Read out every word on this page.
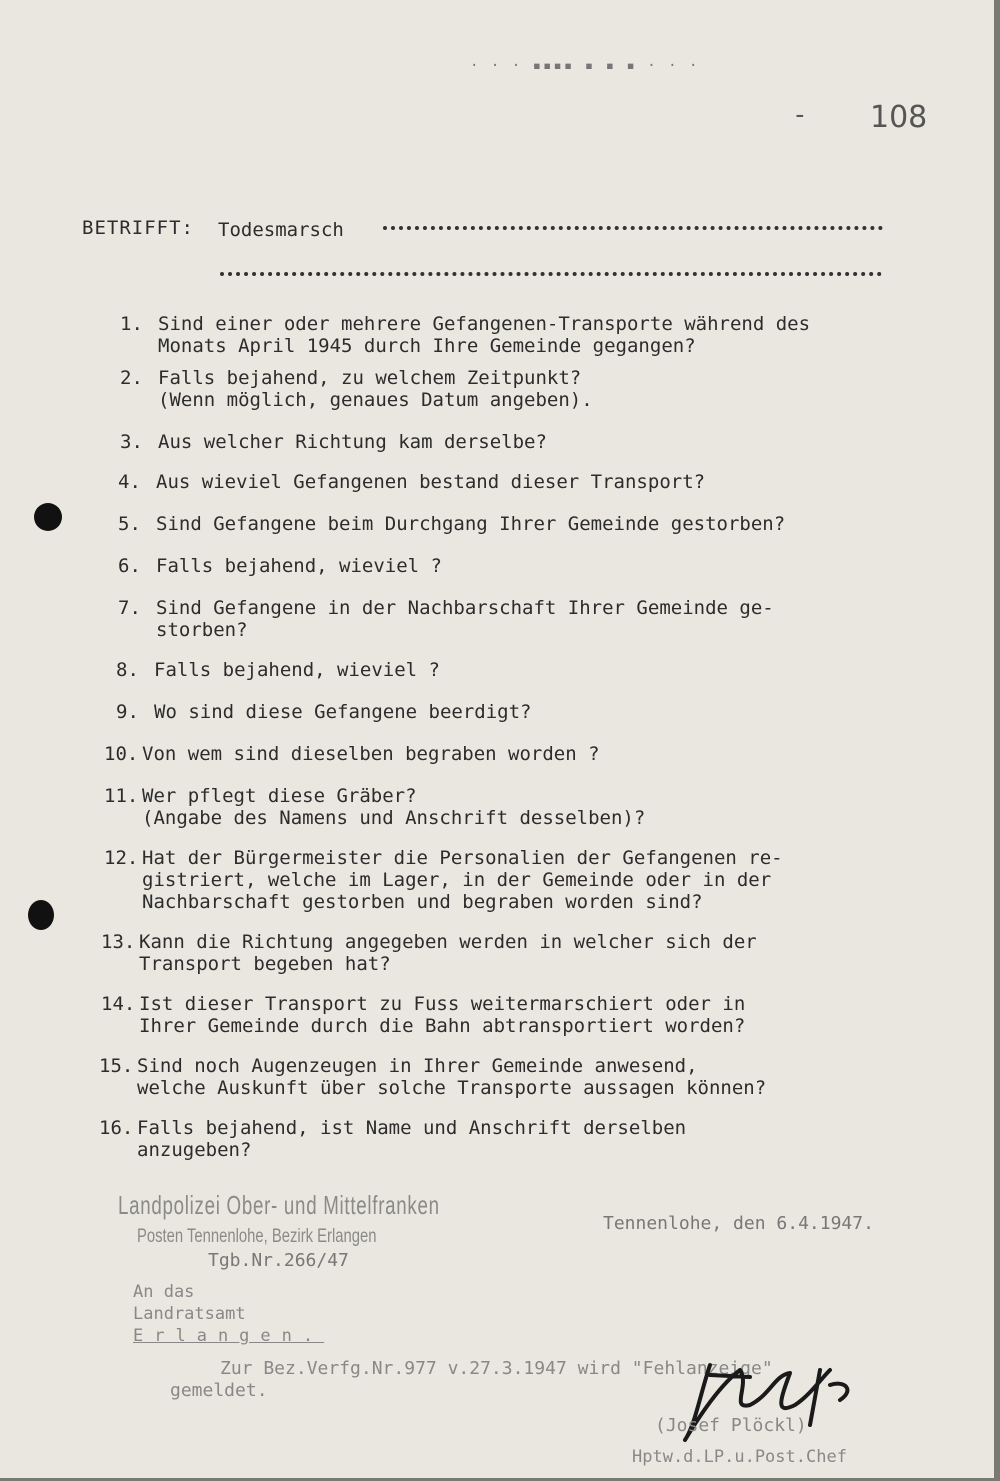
· · · ▪▪▪▪ ▪ ▪ ▪ · · ·
- 108
BETRIFFT: Todesmarsch
1. Sind einer oder mehrere Gefangenen-Transporte während des
Monats April 1945 durch Ihre Gemeinde gegangen?
2. Falls bejahend, zu welchem Zeitpunkt?
(Wenn möglich, genaues Datum angeben).
3. Aus welcher Richtung kam derselbe?
4. Aus wieviel Gefangenen bestand dieser Transport?
5. Sind Gefangene beim Durchgang Ihrer Gemeinde gestorben?
6. Falls bejahend, wieviel ?
7. Sind Gefangene in der Nachbarschaft Ihrer Gemeinde ge-
storben?
8. Falls bejahend, wieviel ?
9. Wo sind diese Gefangene beerdigt?
10. Von wem sind dieselben begraben worden ?
11. Wer pflegt diese Gräber?
(Angabe des Namens und Anschrift desselben)?
12. Hat der Bürgermeister die Personalien der Gefangenen re-
gistriert, welche im Lager, in der Gemeinde oder in der
Nachbarschaft gestorben und begraben worden sind?
13. Kann die Richtung angegeben werden in welcher sich der
Transport begeben hat?
14. Ist dieser Transport zu Fuss weitermarschiert oder in
Ihrer Gemeinde durch die Bahn abtransportiert worden?
15. Sind noch Augenzeugen in Ihrer Gemeinde anwesend,
welche Auskunft über solche Transporte aussagen können?
16. Falls bejahend, ist Name und Anschrift derselben
anzugeben?
Landpolizei Ober- und Mittelfranken
Posten Tennenlohe, Bezirk Erlangen
Tgb.Nr.266/47
Tennenlohe, den 6.4.1947.
An das
Landratsamt
Erlangen.
Zur Bez.Verfg.Nr.977 v.27.3.1947 wird "Fehlanzeige"
gemeldet.
(Josef Plöckl)
Hptw.d.LP.u.Post.Chef
